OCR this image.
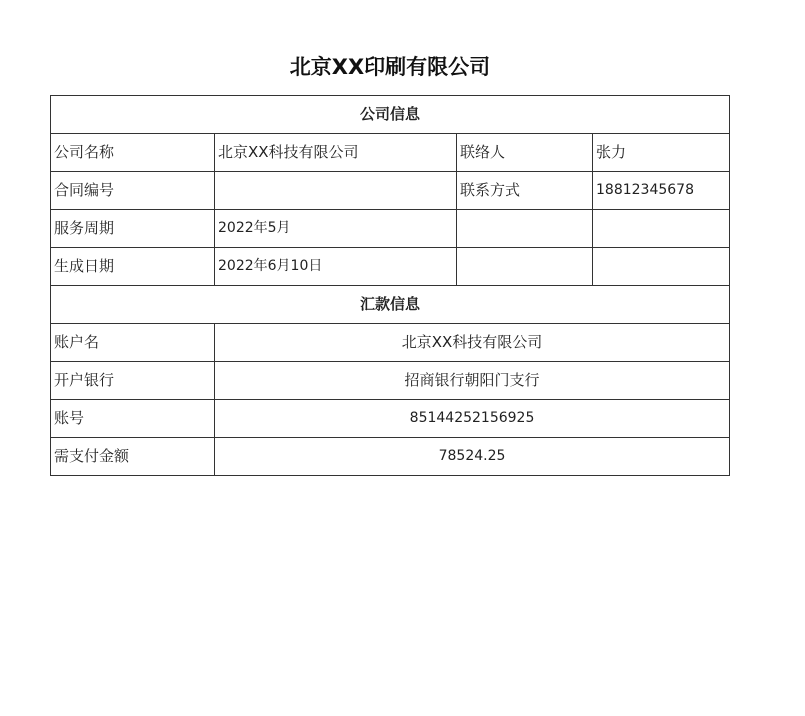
北京XX印刷有限公司
公司信息			
公司名称	北京XX科技有限公司	联络人	张力
合同编号		联系方式	18812345678
服务周期	2022年5月		
生成日期	2022年6月10日		
汇款信息			
账户名	北京XX科技有限公司		
开户银行	招商银行朝阳门支行		
账号	85144252156925		
需支付金额	78524.25		
